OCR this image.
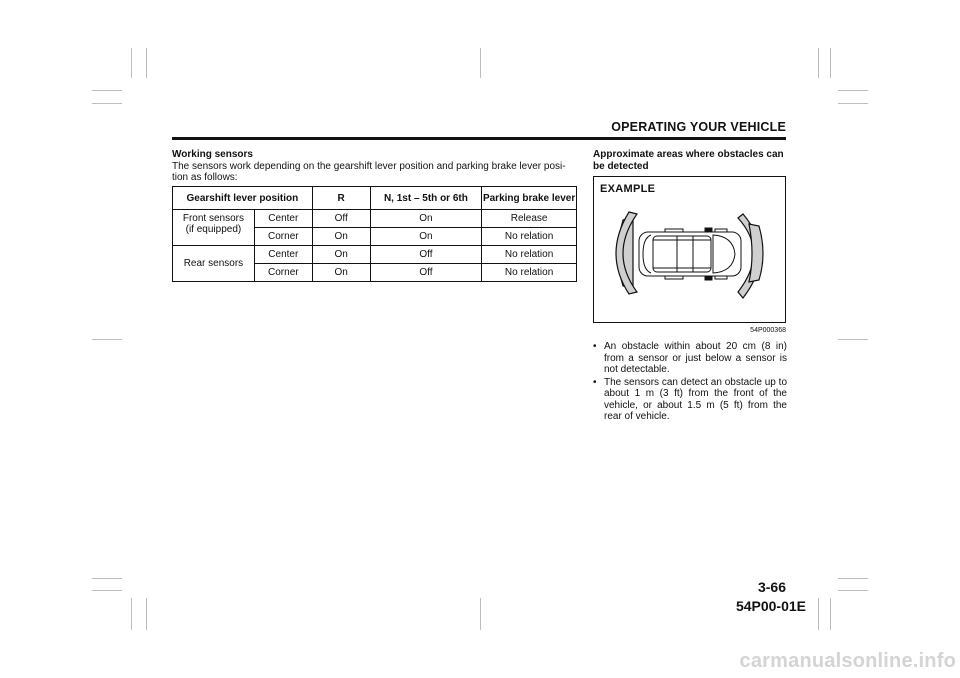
OPERATING YOUR VEHICLE
Working sensors
The sensors work depending on the gearshift lever position and parking brake lever posi-tion as follows:
Gearshift lever position		R	N, 1st – 5th or 6th	Parking brake lever
Front sensors
(if equipped)	Center	Off	On	Release
	Corner	On	On	No relation
Rear sensors	Center	On	Off	No relation
	Corner	On	Off	No relation
Approximate areas where obstacles can be detected
EXAMPLE
54P000368
• An obstacle within about 20 cm (8 in) from a sensor or just below a sensor is not detectable.
• The sensors can detect an obstacle up to about 1 m (3 ft) from the front of the vehicle, or about 1.5 m (5 ft) from the rear of vehicle.
3-66
54P00-01E
carmanualsonline.info
